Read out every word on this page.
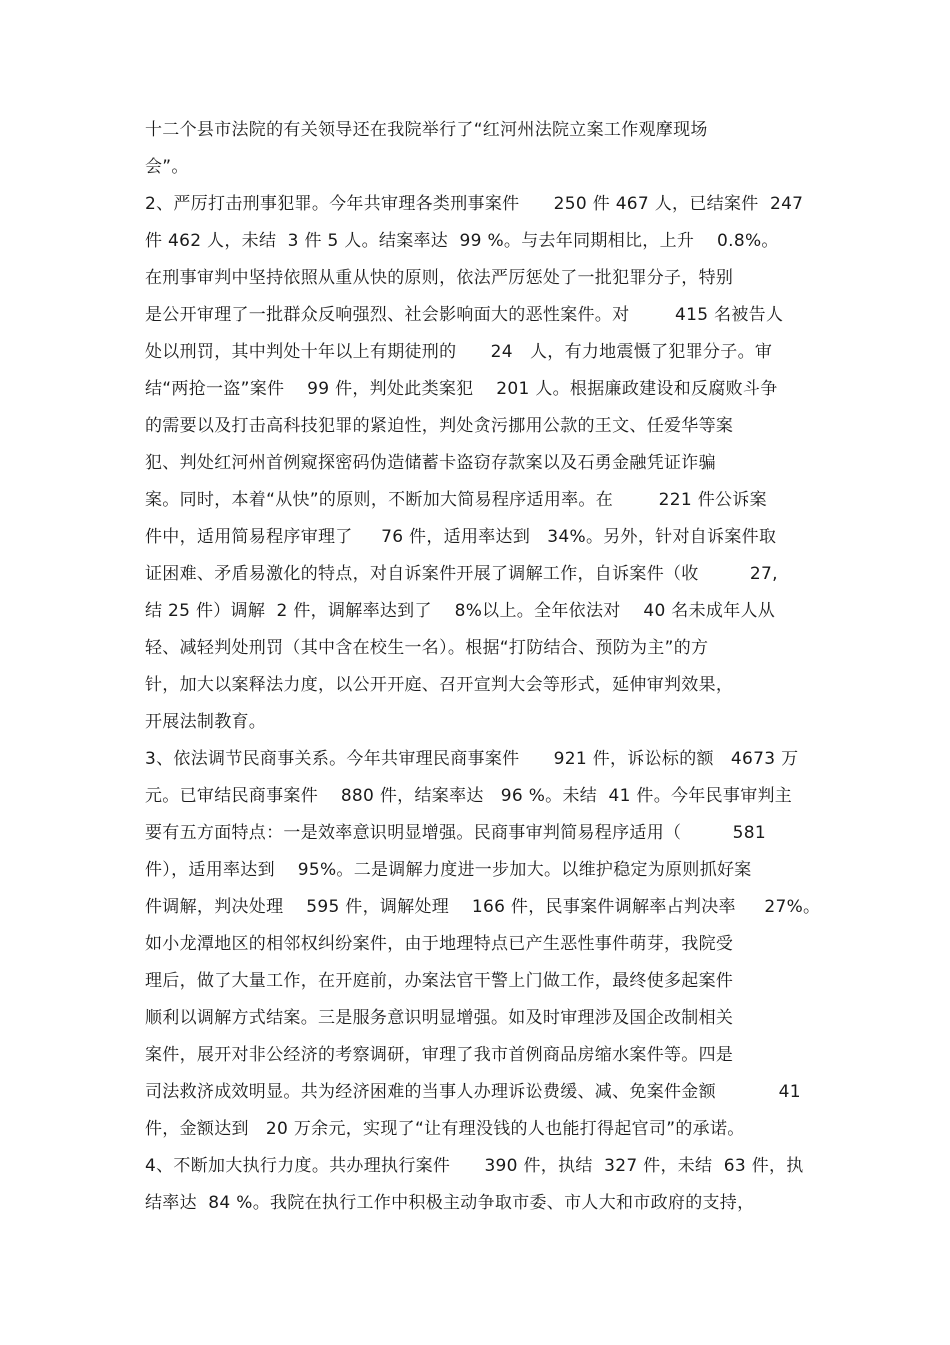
十二个县市法院的有关领导还在我院举行了“红河州法院立案工作观摩现场
会”。
2、严厉打击刑事犯罪。今年共审理各类刑事案件      250 件 467 人，已结案件  247
件 462 人，未结  3 件 5 人。结案率达  99 %。与去年同期相比，上升    0.8%。
在刑事审判中坚持依照从重从快的原则，依法严厉惩处了一批犯罪分子，特别
是公开审理了一批群众反响强烈、社会影响面大的恶性案件。对        415 名被告人
处以刑罚，其中判处十年以上有期徒刑的      24   人，有力地震慑了犯罪分子。审
结“两抢一盗”案件    99 件，判处此类案犯    201 人。根据廉政建设和反腐败斗争
的需要以及打击高科技犯罪的紧迫性，判处贪污挪用公款的王文、任爱华等案
犯、判处红河州首例窥探密码伪造储蓄卡盗窃存款案以及石勇金融凭证诈骗
案。同时，本着“从快”的原则，不断加大简易程序适用率。在        221 件公诉案
件中，适用简易程序审理了     76 件，适用率达到   34%。另外，针对自诉案件取
证困难、矛盾易激化的特点，对自诉案件开展了调解工作，自诉案件（收         27,
结 25 件）调解  2 件，调解率达到了    8%以上。全年依法对    40 名未成年人从
轻、减轻判处刑罚（其中含在校生一名）。根据“打防结合、预防为主”的方
针，加大以案释法力度，以公开开庭、召开宣判大会等形式，延伸审判效果，
开展法制教育。
3、依法调节民商事关系。今年共审理民商事案件      921 件，诉讼标的额   4673 万
元。已审结民商事案件    880 件，结案率达   96 %。未结  41 件。今年民事审判主
要有五方面特点：一是效率意识明显增强。民商事审判简易程序适用（         581
件），适用率达到    95%。二是调解力度进一步加大。以维护稳定为原则抓好案
件调解，判决处理    595 件，调解处理    166 件，民事案件调解率占判决率     27%。
如小龙潭地区的相邻权纠纷案件，由于地理特点已产生恶性事件萌芽，我院受
理后，做了大量工作，在开庭前，办案法官干警上门做工作，最终使多起案件
顺利以调解方式结案。三是服务意识明显增强。如及时审理涉及国企改制相关
案件，展开对非公经济的考察调研，审理了我市首例商品房缩水案件等。四是
司法救济成效明显。共为经济困难的当事人办理诉讼费缓、减、免案件金额           41
件，金额达到   20 万余元，实现了“让有理没钱的人也能打得起官司”的承诺。
4、不断加大执行力度。共办理执行案件      390 件，执结  327 件，未结  63 件，执
结率达  84 %。我院在执行工作中积极主动争取市委、市人大和市政府的支持，
